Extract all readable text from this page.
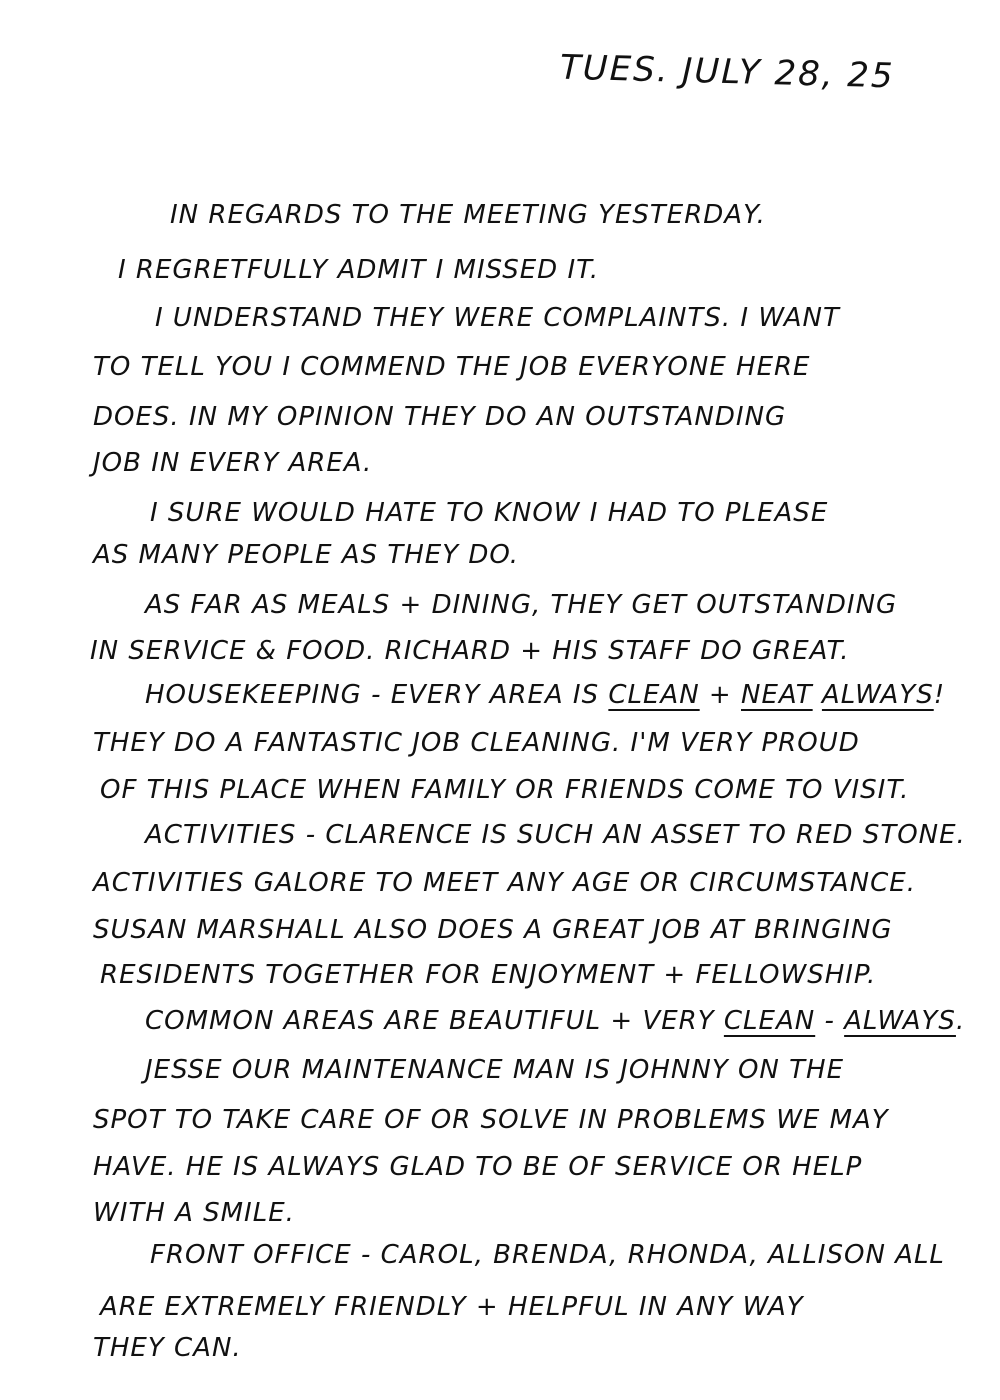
TUES. JULY 28, 25
IN REGARDS TO THE MEETING YESTERDAY.
I REGRETFULLY ADMIT I MISSED IT.
I UNDERSTAND THEY WERE COMPLAINTS. I WANT
TO TELL YOU I COMMEND THE JOB EVERYONE HERE
DOES. IN MY OPINION THEY DO AN OUTSTANDING
JOB IN EVERY AREA.
I SURE WOULD HATE TO KNOW I HAD TO PLEASE
AS MANY PEOPLE AS THEY DO.
AS FAR AS MEALS + DINING, THEY GET OUTSTANDING
IN SERVICE & FOOD. RICHARD + HIS STAFF DO GREAT.
HOUSEKEEPING - EVERY AREA IS CLEAN + NEAT ALWAYS!
THEY DO A FANTASTIC JOB CLEANING. I'M VERY PROUD
OF THIS PLACE WHEN FAMILY OR FRIENDS COME TO VISIT.
ACTIVITIES - CLARENCE IS SUCH AN ASSET TO RED STONE.
ACTIVITIES GALORE TO MEET ANY AGE OR CIRCUMSTANCE.
SUSAN MARSHALL ALSO DOES A GREAT JOB AT BRINGING
RESIDENTS TOGETHER FOR ENJOYMENT + FELLOWSHIP.
COMMON AREAS ARE BEAUTIFUL + VERY CLEAN - ALWAYS.
JESSE OUR MAINTENANCE MAN IS JOHNNY ON THE
SPOT TO TAKE CARE OF OR SOLVE IN PROBLEMS WE MAY
HAVE. HE IS ALWAYS GLAD TO BE OF SERVICE OR HELP
WITH A SMILE.
FRONT OFFICE - CAROL, BRENDA, RHONDA, ALLISON ALL
ARE EXTREMELY FRIENDLY + HELPFUL IN ANY WAY
THEY CAN.
